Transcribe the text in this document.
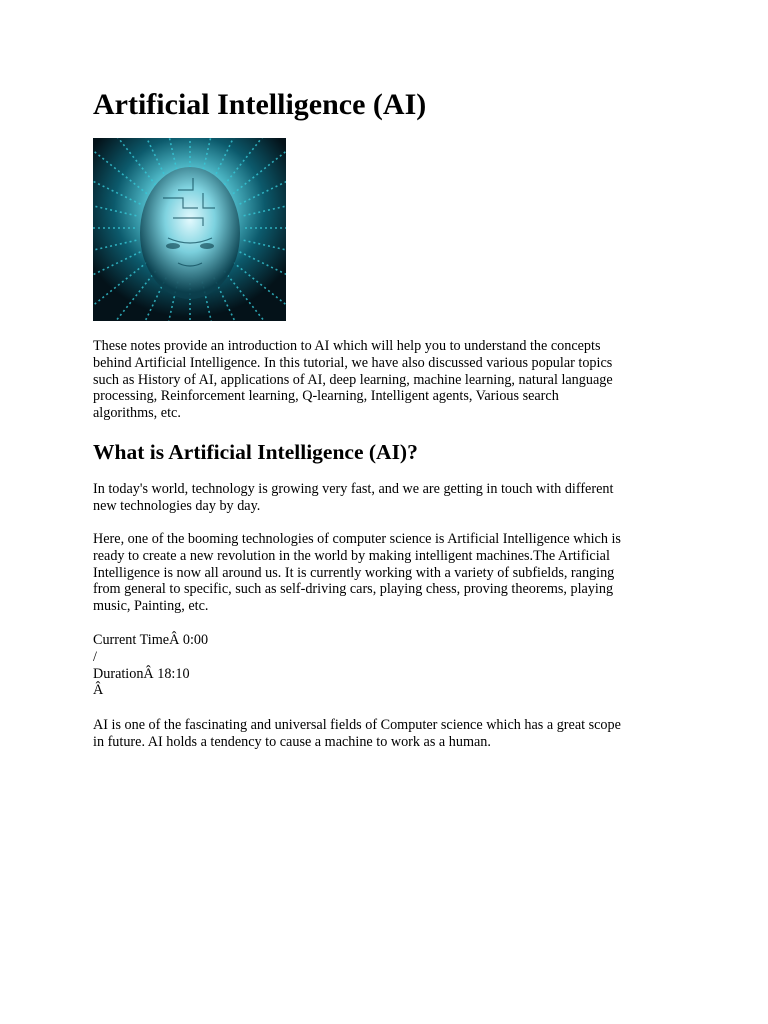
Artificial Intelligence (AI)

These notes provide an introduction to AI which will help you to understand the concepts
behind Artificial Intelligence. In this tutorial, we have also discussed various popular topics
such as History of AI, applications of AI, deep learning, machine learning, natural language
processing, Reinforcement learning, Q-learning, Intelligent agents, Various search
algorithms, etc.

What is Artificial Intelligence (AI)?

In today's world, technology is growing very fast, and we are getting in touch with different
new technologies day by day.

Here, one of the booming technologies of computer science is Artificial Intelligence which is
ready to create a new revolution in the world by making intelligent machines.The Artificial
Intelligence is now all around us. It is currently working with a variety of subfields, ranging
from general to specific, such as self-driving cars, playing chess, proving theorems, playing
music, Painting, etc.

Current TimeÂ 0:00
/
DurationÂ 18:10
Â

AI is one of the fascinating and universal fields of Computer science which has a great scope
in future. AI holds a tendency to cause a machine to work as a human.
